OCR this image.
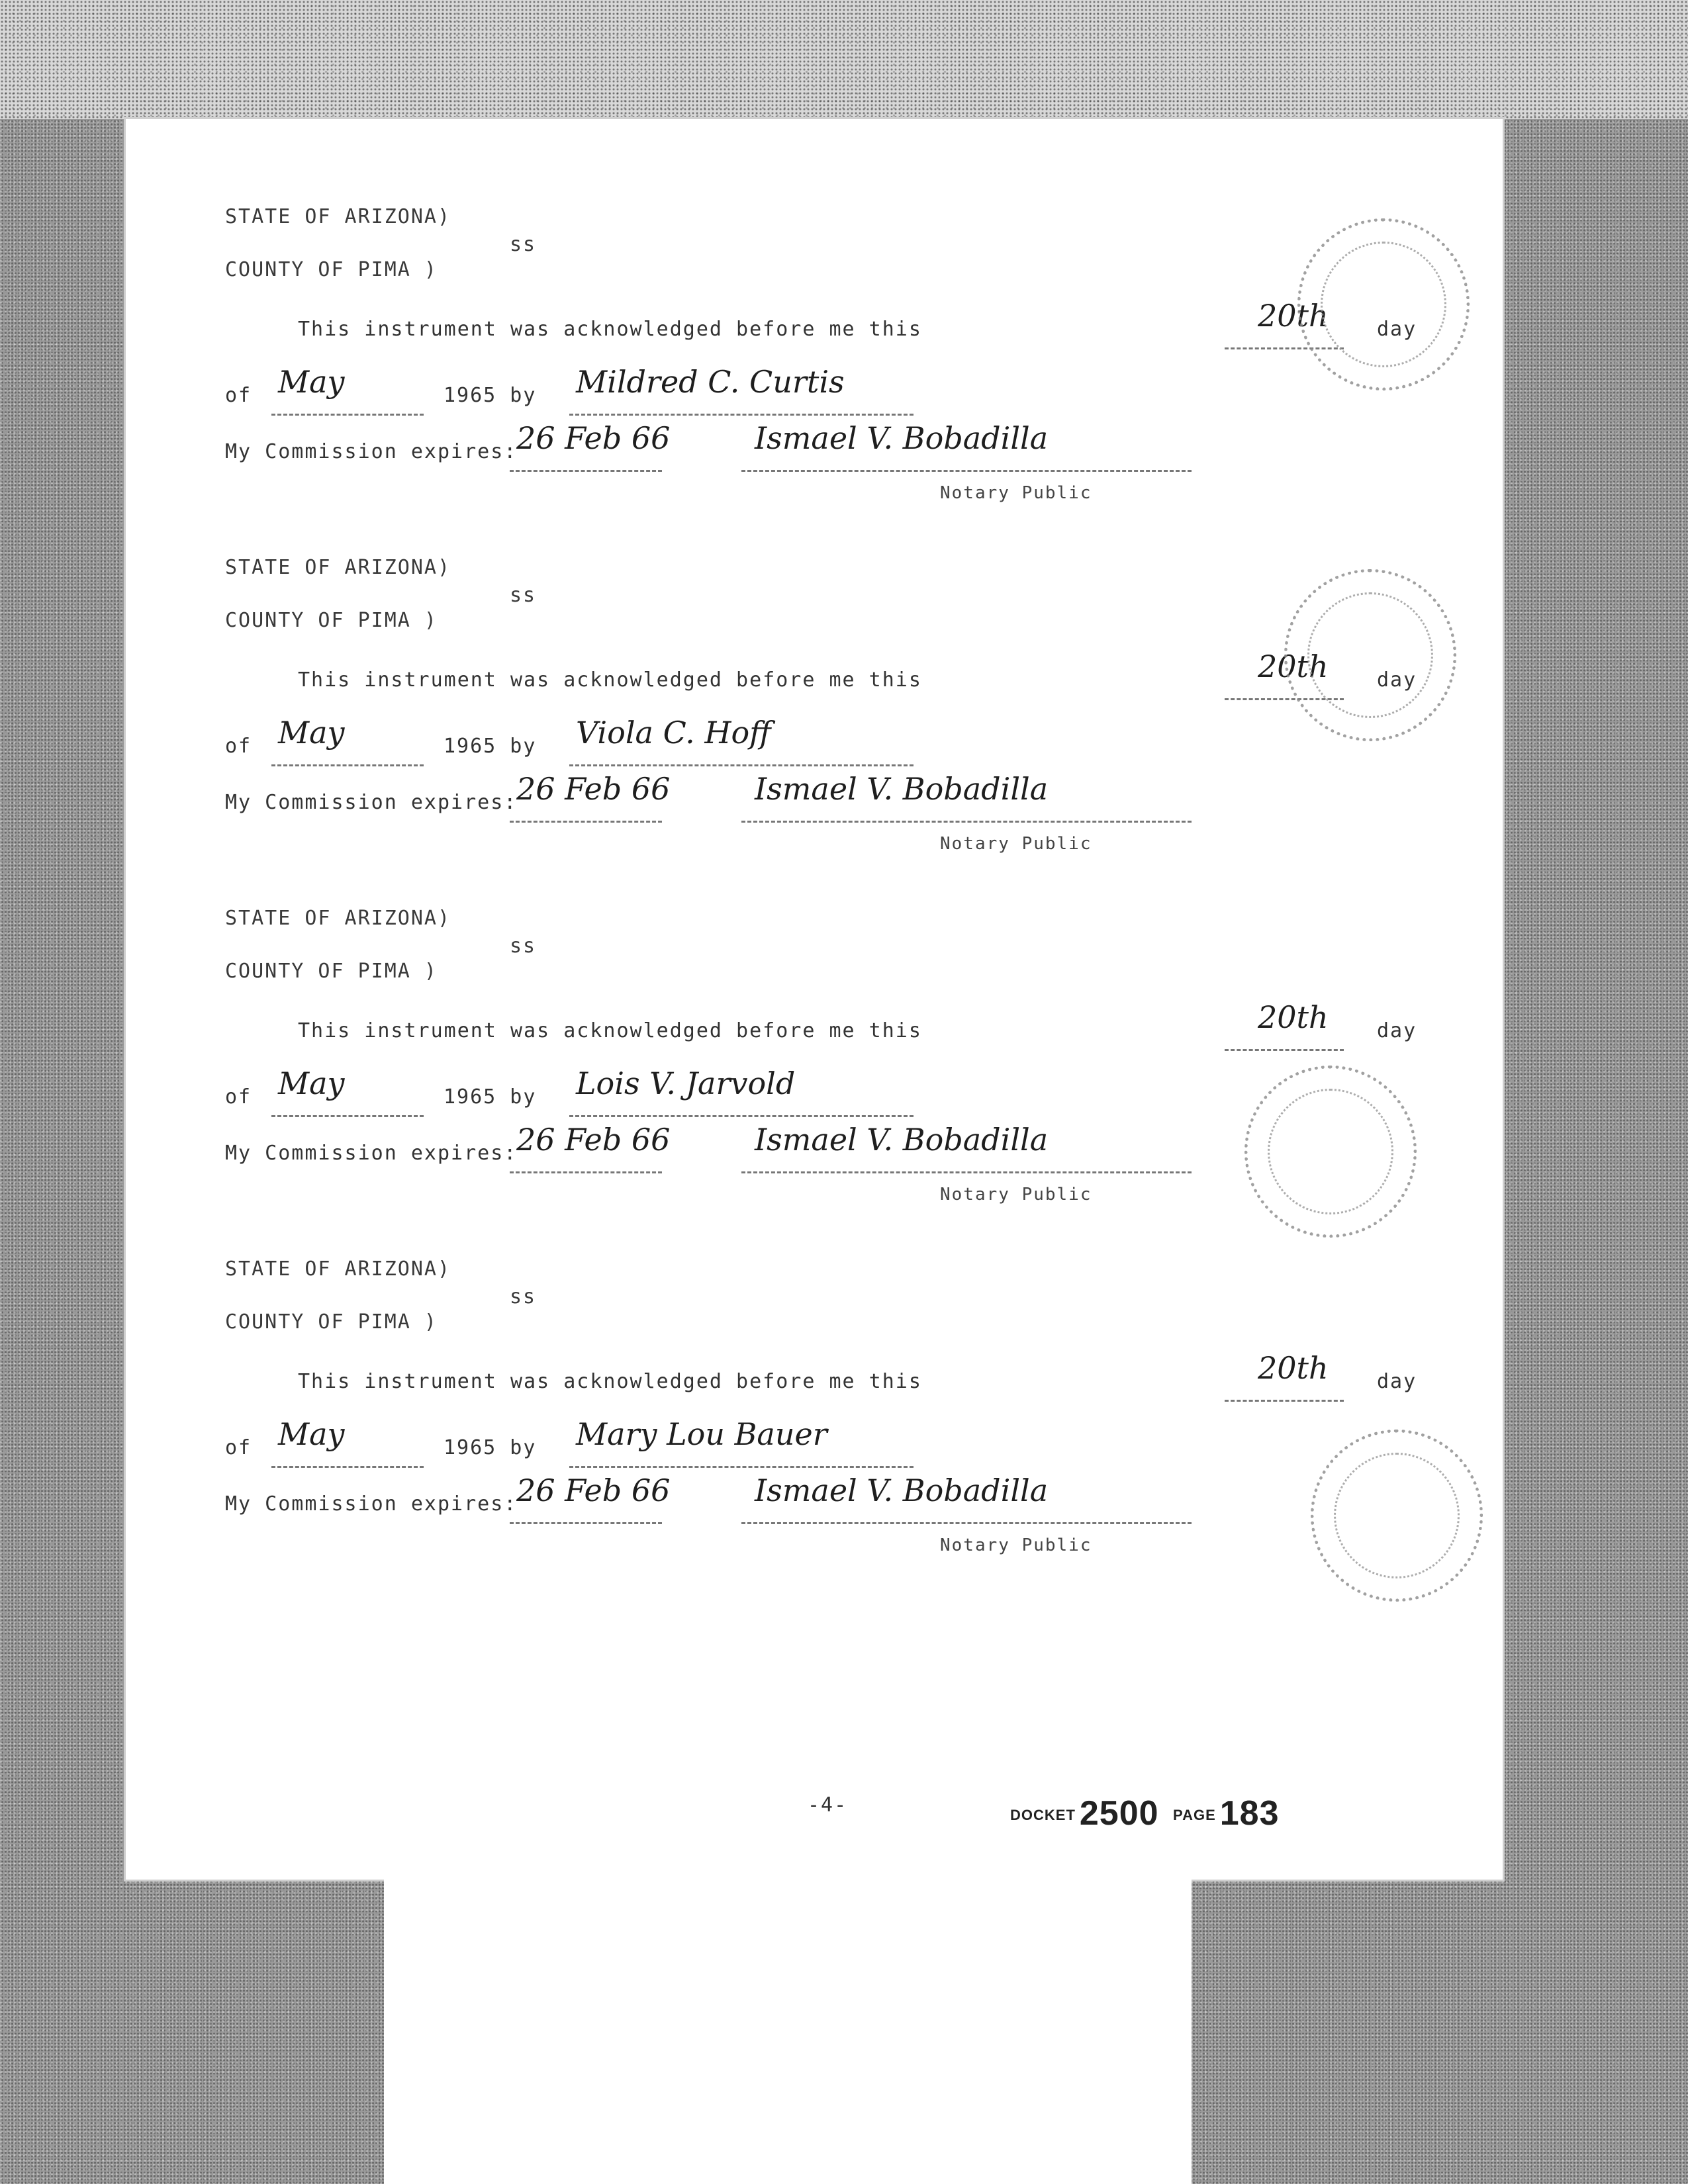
STATE OF ARIZONA)
COUNTY OF PIMA )
ss
This instrument was acknowledged before me this	20th day
of May	1965 by Mildred C. Curtis
My Commission expires:
26 Feb 66	Ismael V. Bobadilla
Notary Public
STATE OF ARIZONA)
COUNTY OF PIMA )
ss
This instrument was acknowledged before me this	20th day
of May	1965 by Viola C. Hoff
My Commission expires:
26 Feb 66	Ismael V. Bobadilla
Notary Public
STATE OF ARIZONA)
COUNTY OF PIMA )
ss
This instrument was acknowledged before me this	20th day
of May	1965 by Lois V. Jarvold
My Commission expires:
26 Feb 66	Ismael V. Bobadilla
Notary Public
STATE OF ARIZONA)
COUNTY OF PIMA )
ss
This instrument was acknowledged before me this	20th day
of May	1965 by Mary Lou Bauer
My Commission expires:
26 Feb 66	Ismael V. Bobadilla
Notary Public
-4-	DOCKET 2500 PAGE 183
